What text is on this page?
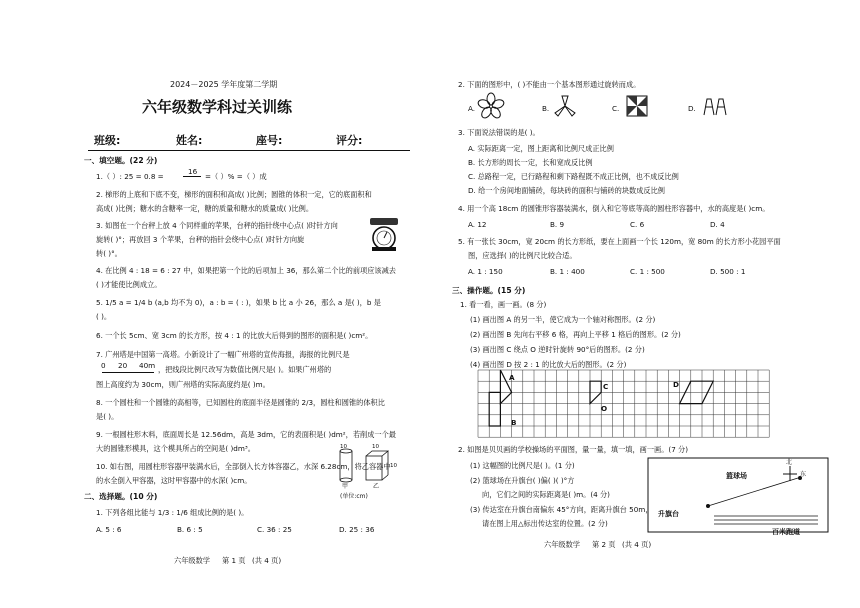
2024－2025 学年度第二学期
六年级数学科过关训练
班级:	姓名:	座号:	评分:
一、填空题。(22 分)
1.（ ）: 25 = 0.8 =
16
=（ ）% =（ ）成
2. 梯形的上底和下底不变，梯形的面积和高成( )比例；圆锥的体积一定，它的底面积和
高成( )比例；糖水的含糖率一定，糖的质量和糖水的质量成( )比例。
3. 如图在一个台秤上放 4 个同样重的苹果，台秤的指针绕中心点( )时针方向
旋转( )°；再放回 3 个苹果，台秤的指针会绕中心点( )时针方向旋
转( )°。
4. 在比例 4 : 18 = 6 : 27 中，如果把第一个比的后项加上 36，那么第二个比的前项应该减去
( )才能使比例成立。
5. 1/5 a = 1/4 b (a,b 均不为 0)，a : b = ( : )，如果 b 比 a 小 26，那么 a 是( )，b 是
( )。
6. 一个长 5cm、宽 3cm 的长方形，按 4 : 1 的比放大后得到的图形的面积是( )cm²。
7. 广州塔是中国第一高塔。小新设计了一幅广州塔的宣传海报，海报的比例尺是
0 20 40m ，把线段比例尺改写为数值比例尺是( )。如果广州塔的
图上高度约为 30cm，则广州塔的实际高度约是( )m。
8. 一个圆柱和一个圆锥的高相等，已知圆柱的底面半径是圆锥的 2/3，圆柱和圆锥的体积比
是( )。
9. 一根圆柱形木料，底面周长是 12.56dm，高是 3dm，它的表面积是( )dm²，若削成一个最
大的圆锥形模具，这个模具所占的空间是( )dm³。
10. 如右图，用圆柱形容器甲装满水后，全部倒入长方体容器乙，水深 6.28cm，将乙容器中
的水全倒入甲容器，这时甲容器中的水深( )cm。
10	10
10
甲	乙
(单位:cm)
二、选择题。(10 分)
1. 下列各组比能与 1/3 : 1/6 组成比例的是( )。
A. 5 : 6	B. 6 : 5	C. 36 : 25	D. 25 : 36
六年级数学 第 1 页 (共 4 页)
2. 下面的图形中，( )不能由一个基本图形通过旋转而成。
A.	B.	C.	D.
3. 下面说法错误的是( )。
A. 实际距离一定，图上距离和比例尺成正比例
B. 长方形的周长一定，长和宽成反比例
C. 总路程一定，已行路程和剩下路程既不成正比例，也不成反比例
D. 给一个房间地面铺砖，每块砖的面积与铺砖的块数成反比例
4. 用一个高 18cm 的圆锥形容器装满水，倒入和它等底等高的圆柱形容器中，水的高度是( )cm。
A. 12	B. 9	C. 6	D. 4
5. 有一张长 30cm，宽 20cm 的长方形纸，要在上面画一个长 120m，宽 80m 的长方形小花园平面
图，应选择( )的比例尺比较合适。
A. 1 : 150	B. 1 : 400	C. 1 : 500	D. 500 : 1
三、操作题。(15 分)
1. 看一看，画一画。(8 分)
(1) 画出图 A 的另一半，使它成为一个轴对称图形。(2 分)
(2) 画出图 B 先向右平移 6 格，再向上平移 1 格后的图形。(2 分)
(3) 画出图 C 绕点 O 逆时针旋转 90°后的图形。(2 分)
(4) 画出图 D 按 2 : 1 的比放大后的图形。(2 分)
A
B
C
O
D
2. 如图是贝贝画的学校操场的平面图，量一量，填一填，画一画。(7 分)
(1) 这幅图的比例尺是( )。(1 分)
(2) 篮球场在升旗台( )偏( )( )°方
向，它们之间的实际距离是( )m。(4 分)
(3) 传达室在升旗台南偏东 45°方向，距离升旗台 50m，
请在图上用△标出传达室的位置。(2 分)
北
东
篮球场
升旗台
百米跑道
六年级数学 第 2 页 (共 4 页)
